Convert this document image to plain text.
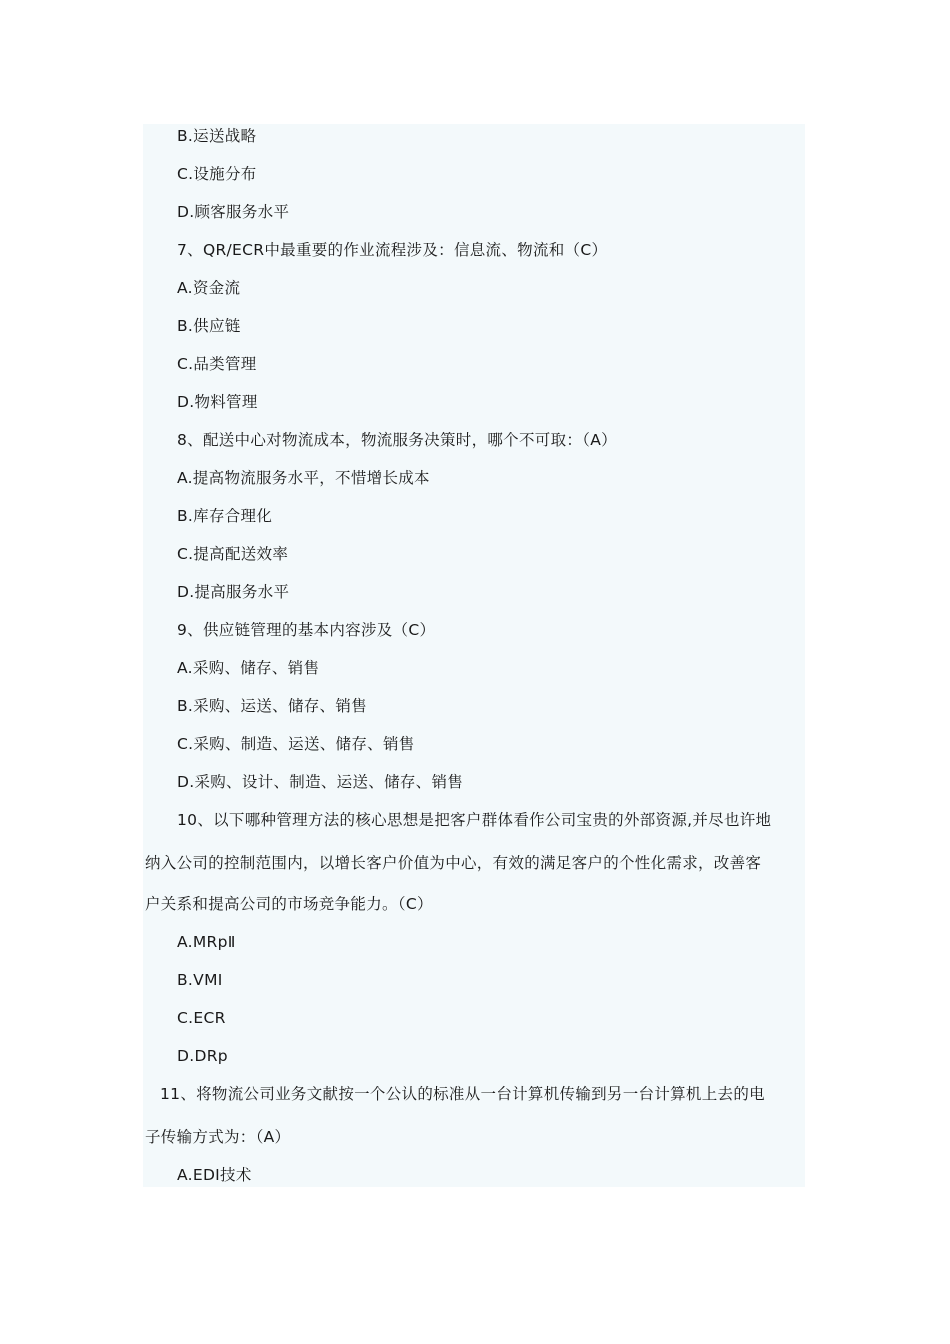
B.运送战略
C.设施分布
D.顾客服务水平
7、QR/ECR中最重要的作业流程涉及：信息流、物流和（C）
A.资金流
B.供应链
C.品类管理
D.物料管理
8、配送中心对物流成本，物流服务决策时，哪个不可取：（A）
A.提高物流服务水平，不惜增长成本
B.库存合理化
C.提高配送效率
D.提高服务水平
9、供应链管理的基本内容涉及（C）
A.采购、储存、销售
B.采购、运送、储存、销售
C.采购、制造、运送、储存、销售
D.采购、设计、制造、运送、储存、销售
10、以下哪种管理方法的核心思想是把客户群体看作公司宝贵的外部资源,并尽也许地
纳入公司的控制范围内，以增长客户价值为中心，有效的满足客户的个性化需求，改善客
户关系和提高公司的市场竞争能力。（C）
A.MRpⅡ
B.VMI
C.ECR
D.DRp
11、将物流公司业务文献按一个公认的标准从一台计算机传输到另一台计算机上去的电
子传输方式为：（A）
A.EDI技术
